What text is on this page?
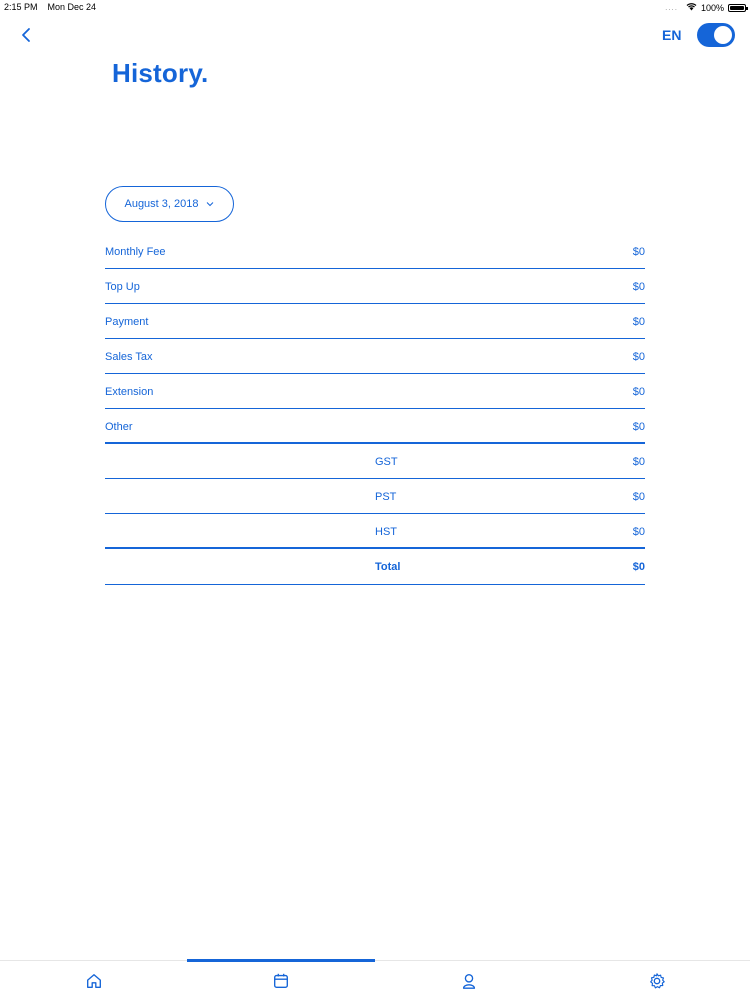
2:15 PM Mon Dec 24	....	100%
EN
History.
August 3, 2018
Monthly Fee	$0
Top Up	$0
Payment	$0
Sales Tax	$0
Extension	$0
Other	$0
GST	$0
PST	$0
HST	$0
Total	$0
